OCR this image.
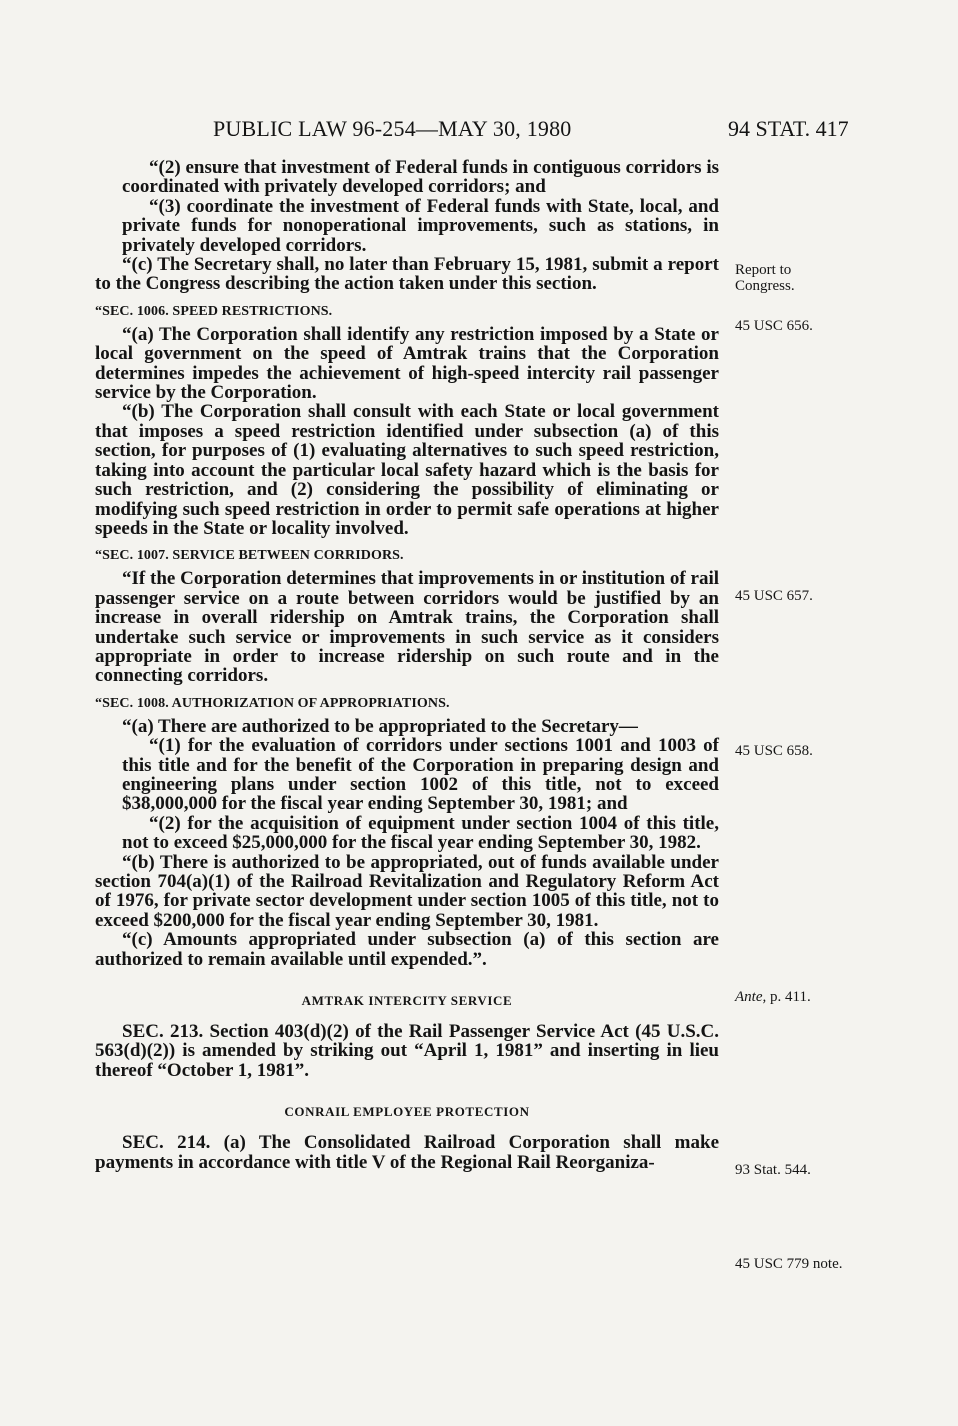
PUBLIC LAW 96-254—MAY 30, 1980	94 STAT. 417

“(2) ensure that investment of Federal funds in contiguous corridors is coordinated with privately developed corridors; and

“(3) coordinate the investment of Federal funds with State, local, and private funds for nonoperational improvements, such as stations, in privately developed corridors.

“(c) The Secretary shall, no later than February 15, 1981, submit a report to the Congress describing the action taken under this section.

“SEC. 1006. SPEED RESTRICTIONS.

“(a) The Corporation shall identify any restriction imposed by a State or local government on the speed of Amtrak trains that the Corporation determines impedes the achievement of high-speed intercity rail passenger service by the Corporation.

“(b) The Corporation shall consult with each State or local government that imposes a speed restriction identified under subsection (a) of this section, for purposes of (1) evaluating alternatives to such speed restriction, taking into account the particular local safety hazard which is the basis for such restriction, and (2) considering the possibility of eliminating or modifying such speed restriction in order to permit safe operations at higher speeds in the State or locality involved.

“SEC. 1007. SERVICE BETWEEN CORRIDORS.

“If the Corporation determines that improvements in or institution of rail passenger service on a route between corridors would be justified by an increase in overall ridership on Amtrak trains, the Corporation shall undertake such service or improvements in such service as it considers appropriate in order to increase ridership on such route and in the connecting corridors.

“SEC. 1008. AUTHORIZATION OF APPROPRIATIONS.

“(a) There are authorized to be appropriated to the Secretary—

“(1) for the evaluation of corridors under sections 1001 and 1003 of this title and for the benefit of the Corporation in preparing design and engineering plans under section 1002 of this title, not to exceed $38,000,000 for the fiscal year ending September 30, 1981; and

“(2) for the acquisition of equipment under section 1004 of this title, not to exceed $25,000,000 for the fiscal year ending September 30, 1982.

“(b) There is authorized to be appropriated, out of funds available under section 704(a)(1) of the Railroad Revitalization and Regulatory Reform Act of 1976, for private sector development under section 1005 of this title, not to exceed $200,000 for the fiscal year ending September 30, 1981.

“(c) Amounts appropriated under subsection (a) of this section are authorized to remain available until expended.”.

AMTRAK INTERCITY SERVICE

SEC. 213. Section 403(d)(2) of the Rail Passenger Service Act (45 U.S.C. 563(d)(2)) is amended by striking out “April 1, 1981” and inserting in lieu thereof “October 1, 1981”.

CONRAIL EMPLOYEE PROTECTION

SEC. 214. (a) The Consolidated Railroad Corporation shall make payments in accordance with title V of the Regional Rail Reorganiza-

Report to
Congress.
45 USC 656.
45 USC 657.
45 USC 658.
Ante, p. 411.
93 Stat. 544.
45 USC 779 note.
